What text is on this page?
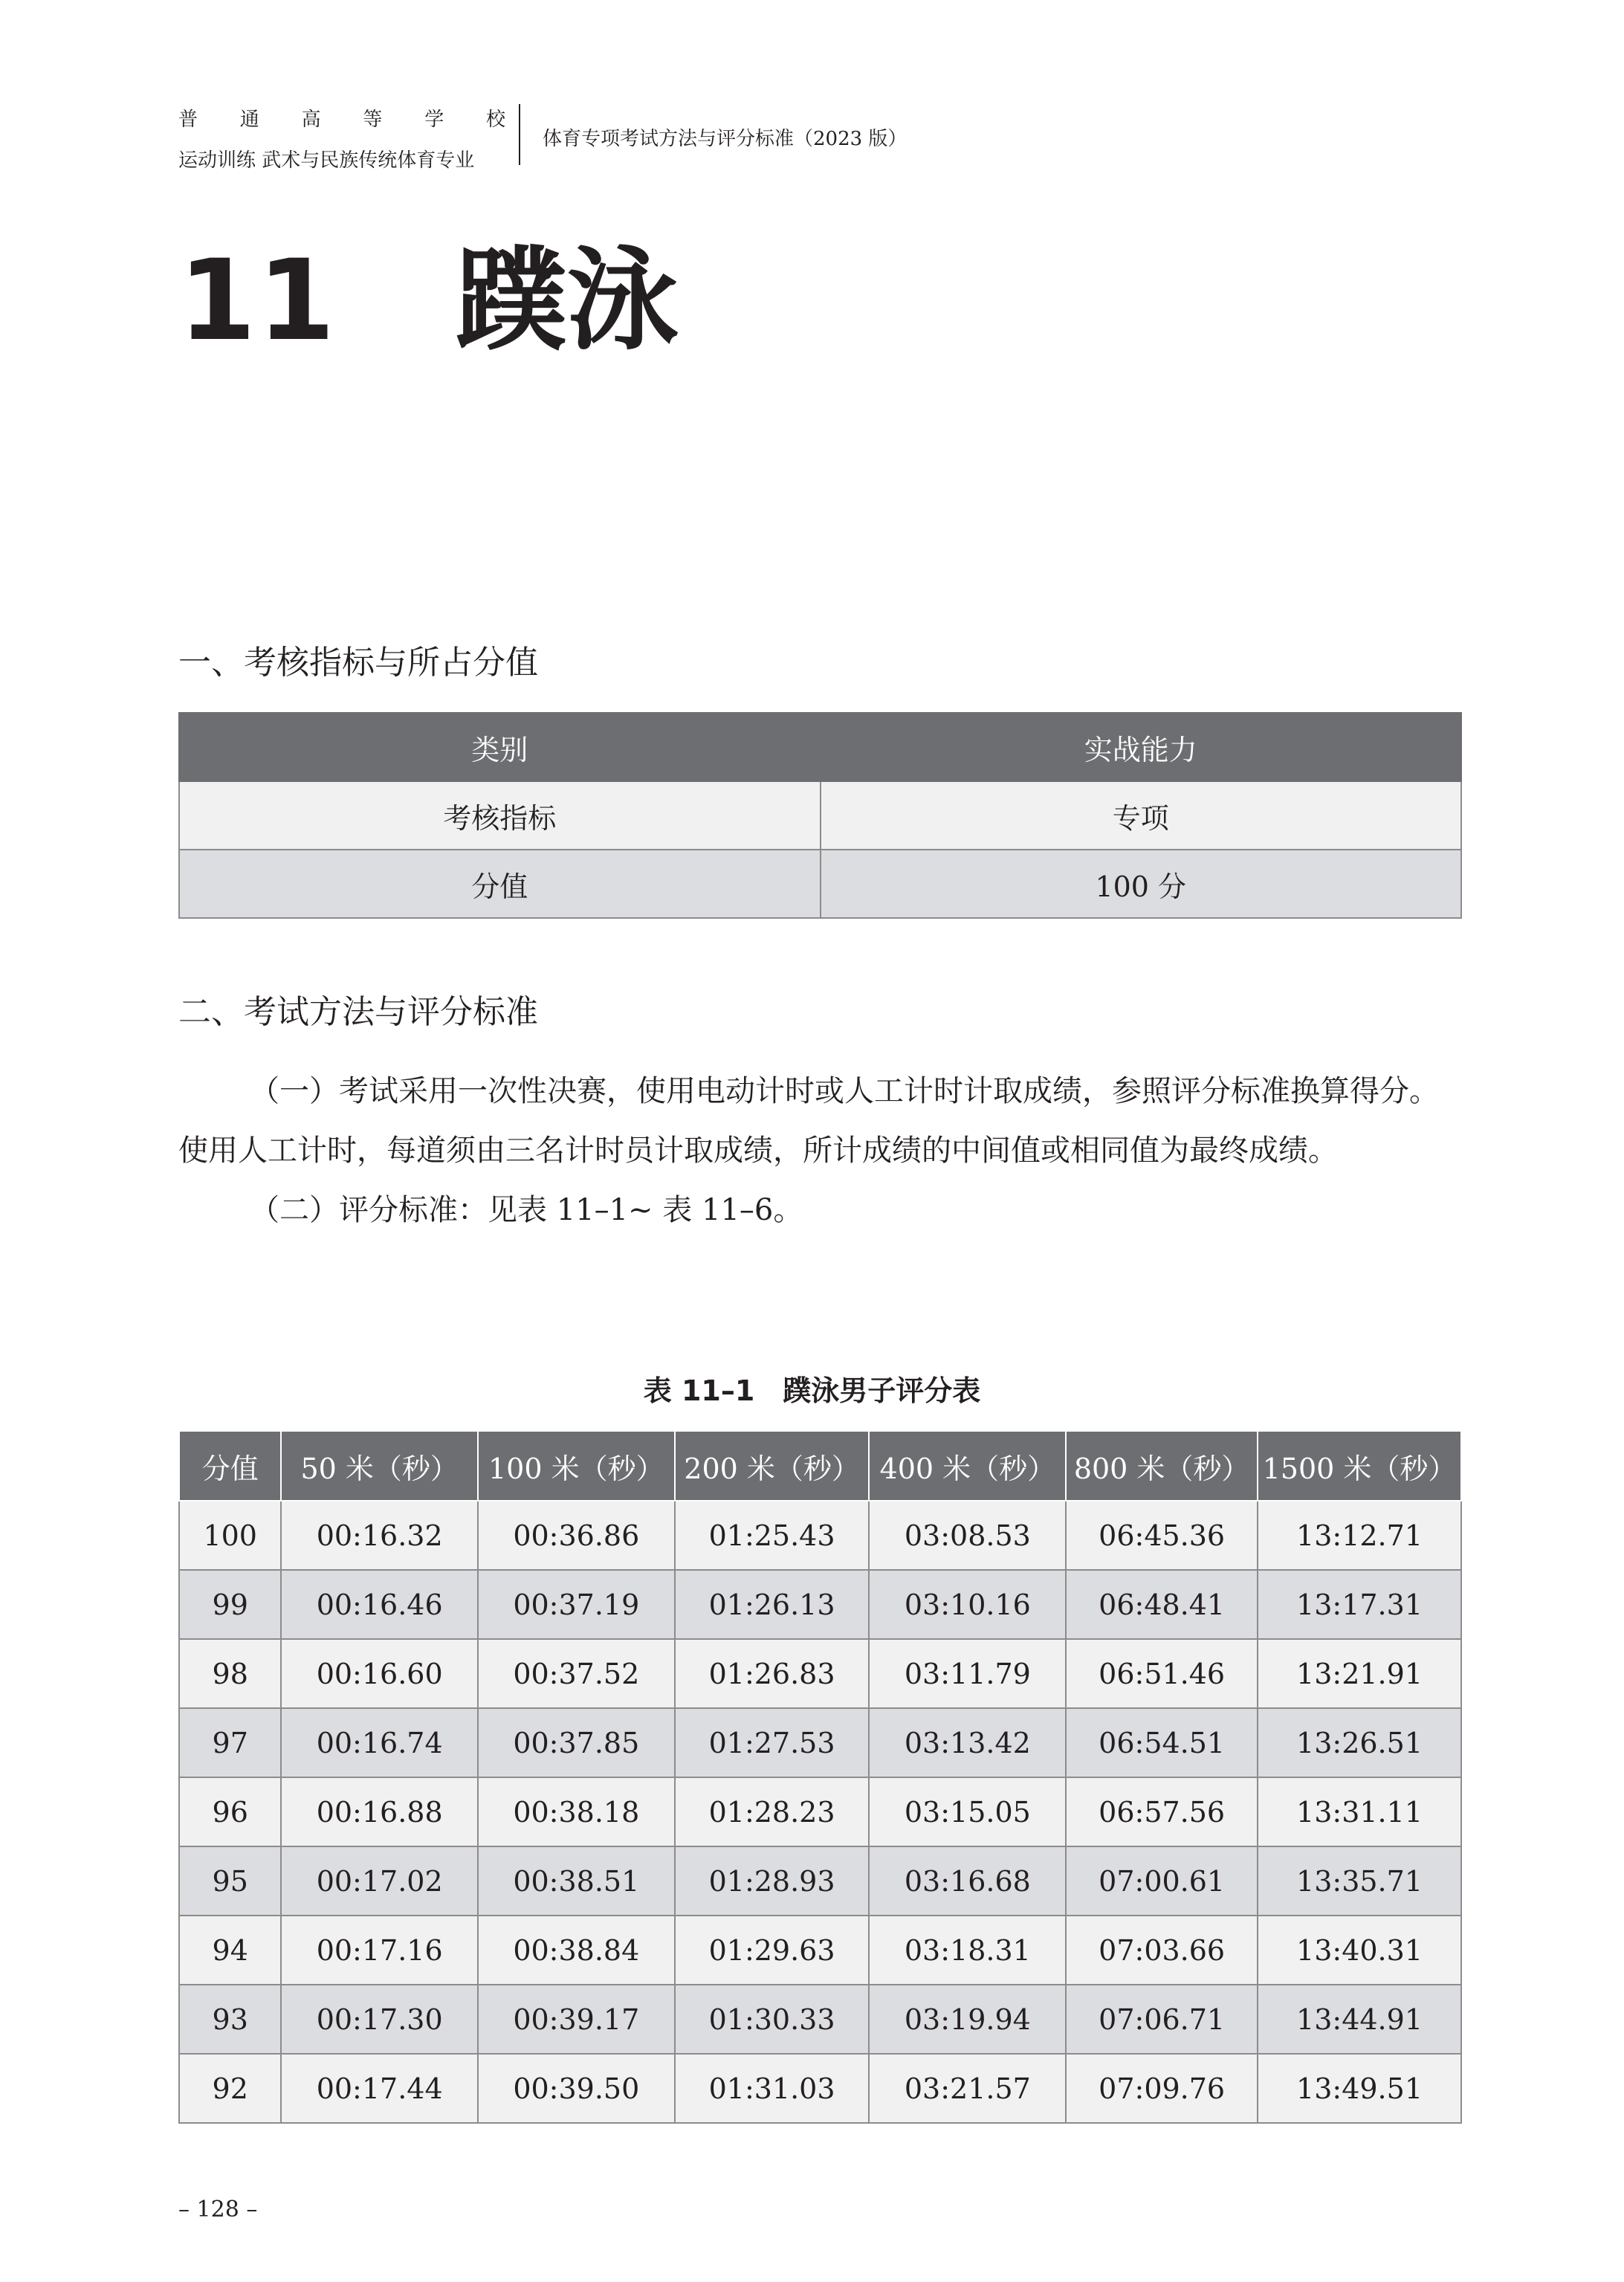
普 通 高 等 学 校
运动训练 武术与民族传统体育专业
体育专项考试方法与评分标准（2023 版）
11 蹼泳
一、考核指标与所占分值
类别	实战能力
考核指标	专项
分值	100 分
二、考试方法与评分标准

（一）考试采用一次性决赛，使用电动计时或人工计时计取成绩，参照评分标准换算得分。使用人工计时，每道须由三名计时员计取成绩，所计成绩的中间值或相同值为最终成绩。

（二）评分标准：见表 11–1~ 表 11–6。

表 11–1　蹼泳男子评分表
分值	50 米（秒）	100 米（秒）	200 米（秒）	400 米（秒）	800 米（秒）	1500 米（秒）
100	00:16.32	00:36.86	01:25.43	03:08.53	06:45.36	13:12.71
99	00:16.46	00:37.19	01:26.13	03:10.16	06:48.41	13:17.31
98	00:16.60	00:37.52	01:26.83	03:11.79	06:51.46	13:21.91
97	00:16.74	00:37.85	01:27.53	03:13.42	06:54.51	13:26.51
96	00:16.88	00:38.18	01:28.23	03:15.05	06:57.56	13:31.11
95	00:17.02	00:38.51	01:28.93	03:16.68	07:00.61	13:35.71
94	00:17.16	00:38.84	01:29.63	03:18.31	07:03.66	13:40.31
93	00:17.30	00:39.17	01:30.33	03:19.94	07:06.71	13:44.91
92	00:17.44	00:39.50	01:31.03	03:21.57	07:09.76	13:49.51
– 128 –
